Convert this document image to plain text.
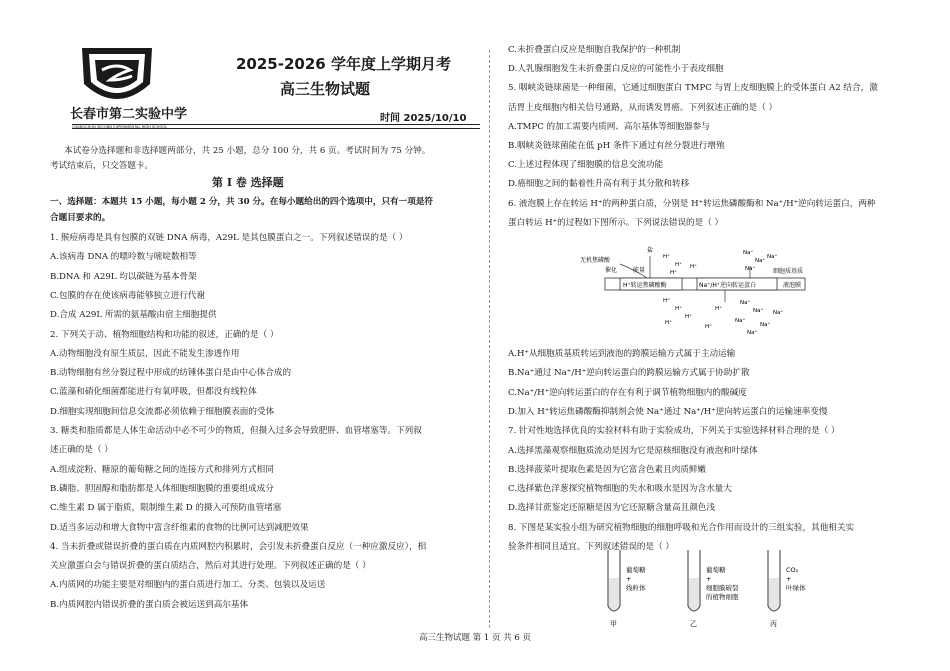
长春市第二实验中学
CHANGCHUN SECOND EXPERIMENTAL HIGH SCHOOL
2025-2026 学年度上学期月考
高三生物试题
时间 2025/10/10
本试卷分选择题和非选择题两部分，共 25 小题，总分 100 分，共 6 页。考试时间为 75 分钟。
考试结束后，只交答题卡。
第 Ⅰ 卷 选择题
一、选择题：本题共 15 小题，每小题 2 分，共 30 分。在每小题给出的四个选项中，只有一项是符
合题目要求的。
1. 猴痘病毒是具有包膜的双链 DNA 病毒，A29L 是其包膜蛋白之一。下列叙述错误的是（ ）
A.该病毒 DNA 的嘌呤数与嘧啶数相等
B.DNA 和 A29L 均以碳链为基本骨架
C.包膜的存在使该病毒能够独立进行代谢
D.合成 A29L 所需的氨基酸由宿主细胞提供
2. 下列关于动、植物细胞结构和功能的叙述，正确的是（ ）
A.动物细胞没有原生质层，因此不能发生渗透作用
B.动物细胞有丝分裂过程中形成的纺锤体蛋白是由中心体合成的
C.蓝藻和硝化细菌都能进行有氧呼吸，但都没有线粒体
D.细胞实现细胞间信息交流都必须依赖于细胞膜表面的受体
3. 糖类和脂质都是人体生命活动中必不可少的物质，但摄入过多会导致肥胖、血管堵塞等。下列叙
述正确的是（ ）
A.组成淀粉、糖原的葡萄糖之间的连接方式和排列方式相同
B.磷脂、胆固醇和脂肪都是人体细胞细胞膜的重要组成成分
C.维生素 D 属于脂质，限制维生素 D 的摄入可预防血管堵塞
D.适当多运动和增大食物中富含纤维素的食物的比例可达到减肥效果
4. 当未折叠或错误折叠的蛋白质在内质网腔内积累时，会引发未折叠蛋白反应（一种应激反应），相
关应激蛋白会与错误折叠的蛋白质结合，然后对其进行处理。下列叙述正确的是（ ）
A.内质网的功能主要是对细胞内的蛋白质进行加工、分类、包装以及运送
B.内质网腔内错误折叠的蛋白质会被运送到高尔基体
C.未折叠蛋白反应是细胞自我保护的一种机制
D.人乳腺细胞发生未折叠蛋白反应的可能性小于表皮细胞
5. 咽峡炎链球菌是一种细菌，它通过细胞蛋白 TMPC 与胃上皮细胞膜上的受体蛋白 A2 结合，激
活胃上皮细胞内相关信号通路，从而诱发胃癌。下列叙述正确的是（ ）
A.TMPC 的加工需要内质网、高尔基体等细胞器参与
B.咽峡炎链球菌能在低 pH 条件下通过有丝分裂进行增殖
C.上述过程体现了细胞膜的信息交流功能
D.癌细胞之间的黏着性升高有利于其分散和转移
6. 液泡膜上存在转运 H⁺的两种蛋白质，分别是 H⁺转运焦磷酸酶和 Na⁺/H⁺逆向转运蛋白，两种
蛋白转运 H⁺的过程如下图所示。下列说法错误的是（ ）
A.H⁺从细胞质基质转运到液泡的跨膜运输方式属于主动运输
B.Na⁺通过 Na⁺/H⁺逆向转运蛋白的跨膜运输方式属于协助扩散
C.Na⁺/H⁺逆向转运蛋白的存在有利于调节植物细胞内的酸碱度
D.加入 H⁺转运焦磷酸酶抑制剂会使 Na⁺通过 Na⁺/H⁺逆向转运蛋白的运输速率变慢
7. 针对性地选择优良的实验材料有助于实验成功，下列关于实验选择材料合理的是（ ）
A.选择黑藻观察细胞质流动是因为它是原核细胞没有液泡和叶绿体
B.选择菠菜叶提取色素是因为它富含色素且肉质鲜嫩
C.选择紫色洋葱探究植物细胞的失水和吸水是因为含水量大
D.选择甘蔗鉴定还原糖是因为它还原糖含量高且颜色浅
8. 下图是某实验小组为研究植物细胞的细胞呼吸和光合作用而设计的三组实验，其他相关实
验条件相同且适宜。下列叙述错误的是（ ）
H⁺转运焦磷酸酶	Na⁺/H⁺逆向转运蛋白
无机焦磷酸
催化
盐
能量	细胞质基质
液泡膜
H⁺
H⁺
H⁺
H⁺
H⁺
H⁺
H⁺
H⁺
H⁺
H⁺
Na⁺
Na⁺
Na⁺
Na⁺
Na⁺
Na⁺
Na⁺
Na⁺
Na⁺
Na⁺
葡萄糖
+
线粒体
甲
葡萄糖
+
细胞膜破裂
的植物细胞
乙
CO₂
+
叶绿体
丙
高三生物试题 第 1 页 共 6 页
